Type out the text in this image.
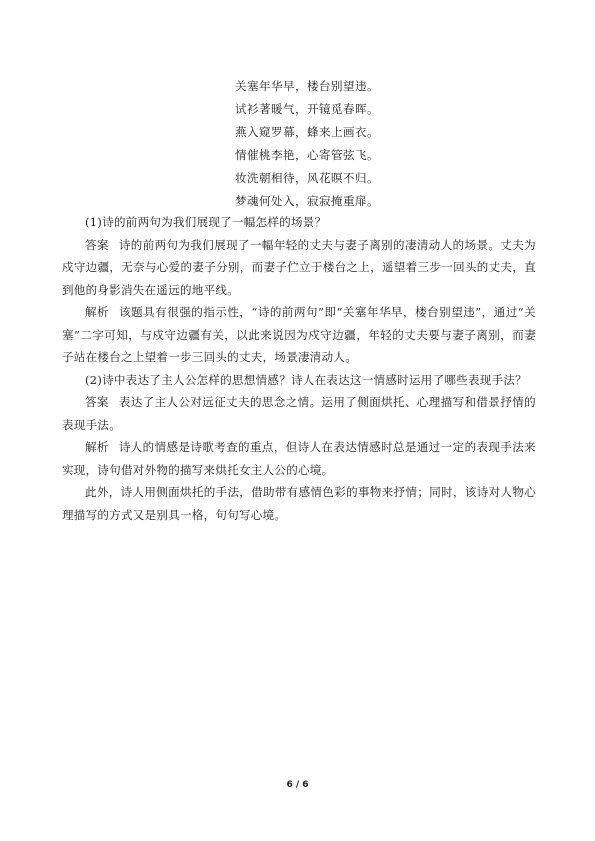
关塞年华早，楼台别望违。
试衫著暖气，开镜觅春晖。
燕入窥罗幕，蜂来上画衣。
情催桃李艳，心寄管弦飞。
妆洗朝相待，风花暝不归。
梦魂何处入，寂寂掩重扉。

(1)诗的前两句为我们展现了一幅怎样的场景？

答案 诗的前两句为我们展现了一幅年轻的丈夫与妻子离别的凄清动人的场景。丈夫为戍守边疆，无奈与心爱的妻子分别，而妻子伫立于楼台之上，遥望着三步一回头的丈夫，直到他的身影消失在遥远的地平线。

解析 该题具有很强的指示性，“诗的前两句”即“关塞年华早，楼台别望违”，通过“关塞”二字可知，与戍守边疆有关，以此来说因为戍守边疆，年轻的丈夫要与妻子离别，而妻子站在楼台之上望着一步三回头的丈夫，场景凄清动人。

(2)诗中表达了主人公怎样的思想情感？诗人在表达这一情感时运用了哪些表现手法？

答案 表达了主人公对远征丈夫的思念之情。运用了侧面烘托、心理描写和借景抒情的表现手法。

解析 诗人的情感是诗歌考查的重点，但诗人在表达情感时总是通过一定的表现手法来实现，诗句借对外物的描写来烘托女主人公的心境。

此外，诗人用侧面烘托的手法，借助带有感情色彩的事物来抒情；同时，该诗对人物心理描写的方式又是别具一格，句句写心境。

6 / 6
